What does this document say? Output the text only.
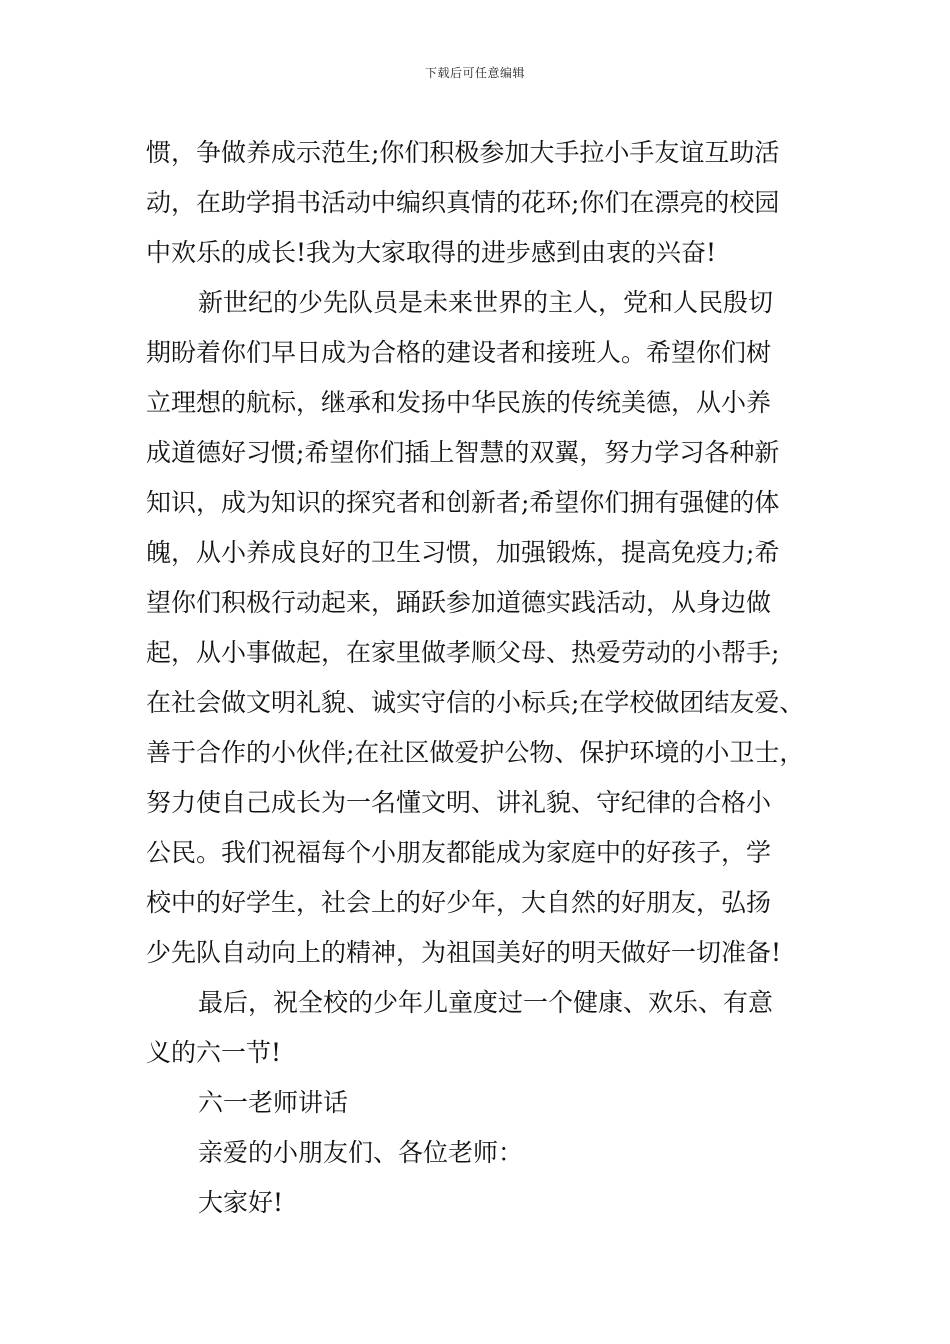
下载后可任意编辑
惯，争做养成示范生;你们积极参加大手拉小手友谊互助活
动，在助学捐书活动中编织真情的花环;你们在漂亮的校园
中欢乐的成长!我为大家取得的进步感到由衷的兴奋!
新世纪的少先队员是未来世界的主人，党和人民殷切
期盼着你们早日成为合格的建设者和接班人。希望你们树
立理想的航标，继承和发扬中华民族的传统美德，从小养
成道德好习惯;希望你们插上智慧的双翼，努力学习各种新
知识，成为知识的探究者和创新者;希望你们拥有强健的体
魄，从小养成良好的卫生习惯，加强锻炼，提高免疫力;希
望你们积极行动起来，踊跃参加道德实践活动，从身边做
起，从小事做起，在家里做孝顺父母、热爱劳动的小帮手;
在社会做文明礼貌、诚实守信的小标兵;在学校做团结友爱、
善于合作的小伙伴;在社区做爱护公物、保护环境的小卫士，
努力使自己成长为一名懂文明、讲礼貌、守纪律的合格小
公民。我们祝福每个小朋友都能成为家庭中的好孩子，学
校中的好学生，社会上的好少年，大自然的好朋友，弘扬
少先队自动向上的精神，为祖国美好的明天做好一切准备!
最后，祝全校的少年儿童度过一个健康、欢乐、有意
义的六一节!
六一老师讲话
亲爱的小朋友们、各位老师：
大家好!
